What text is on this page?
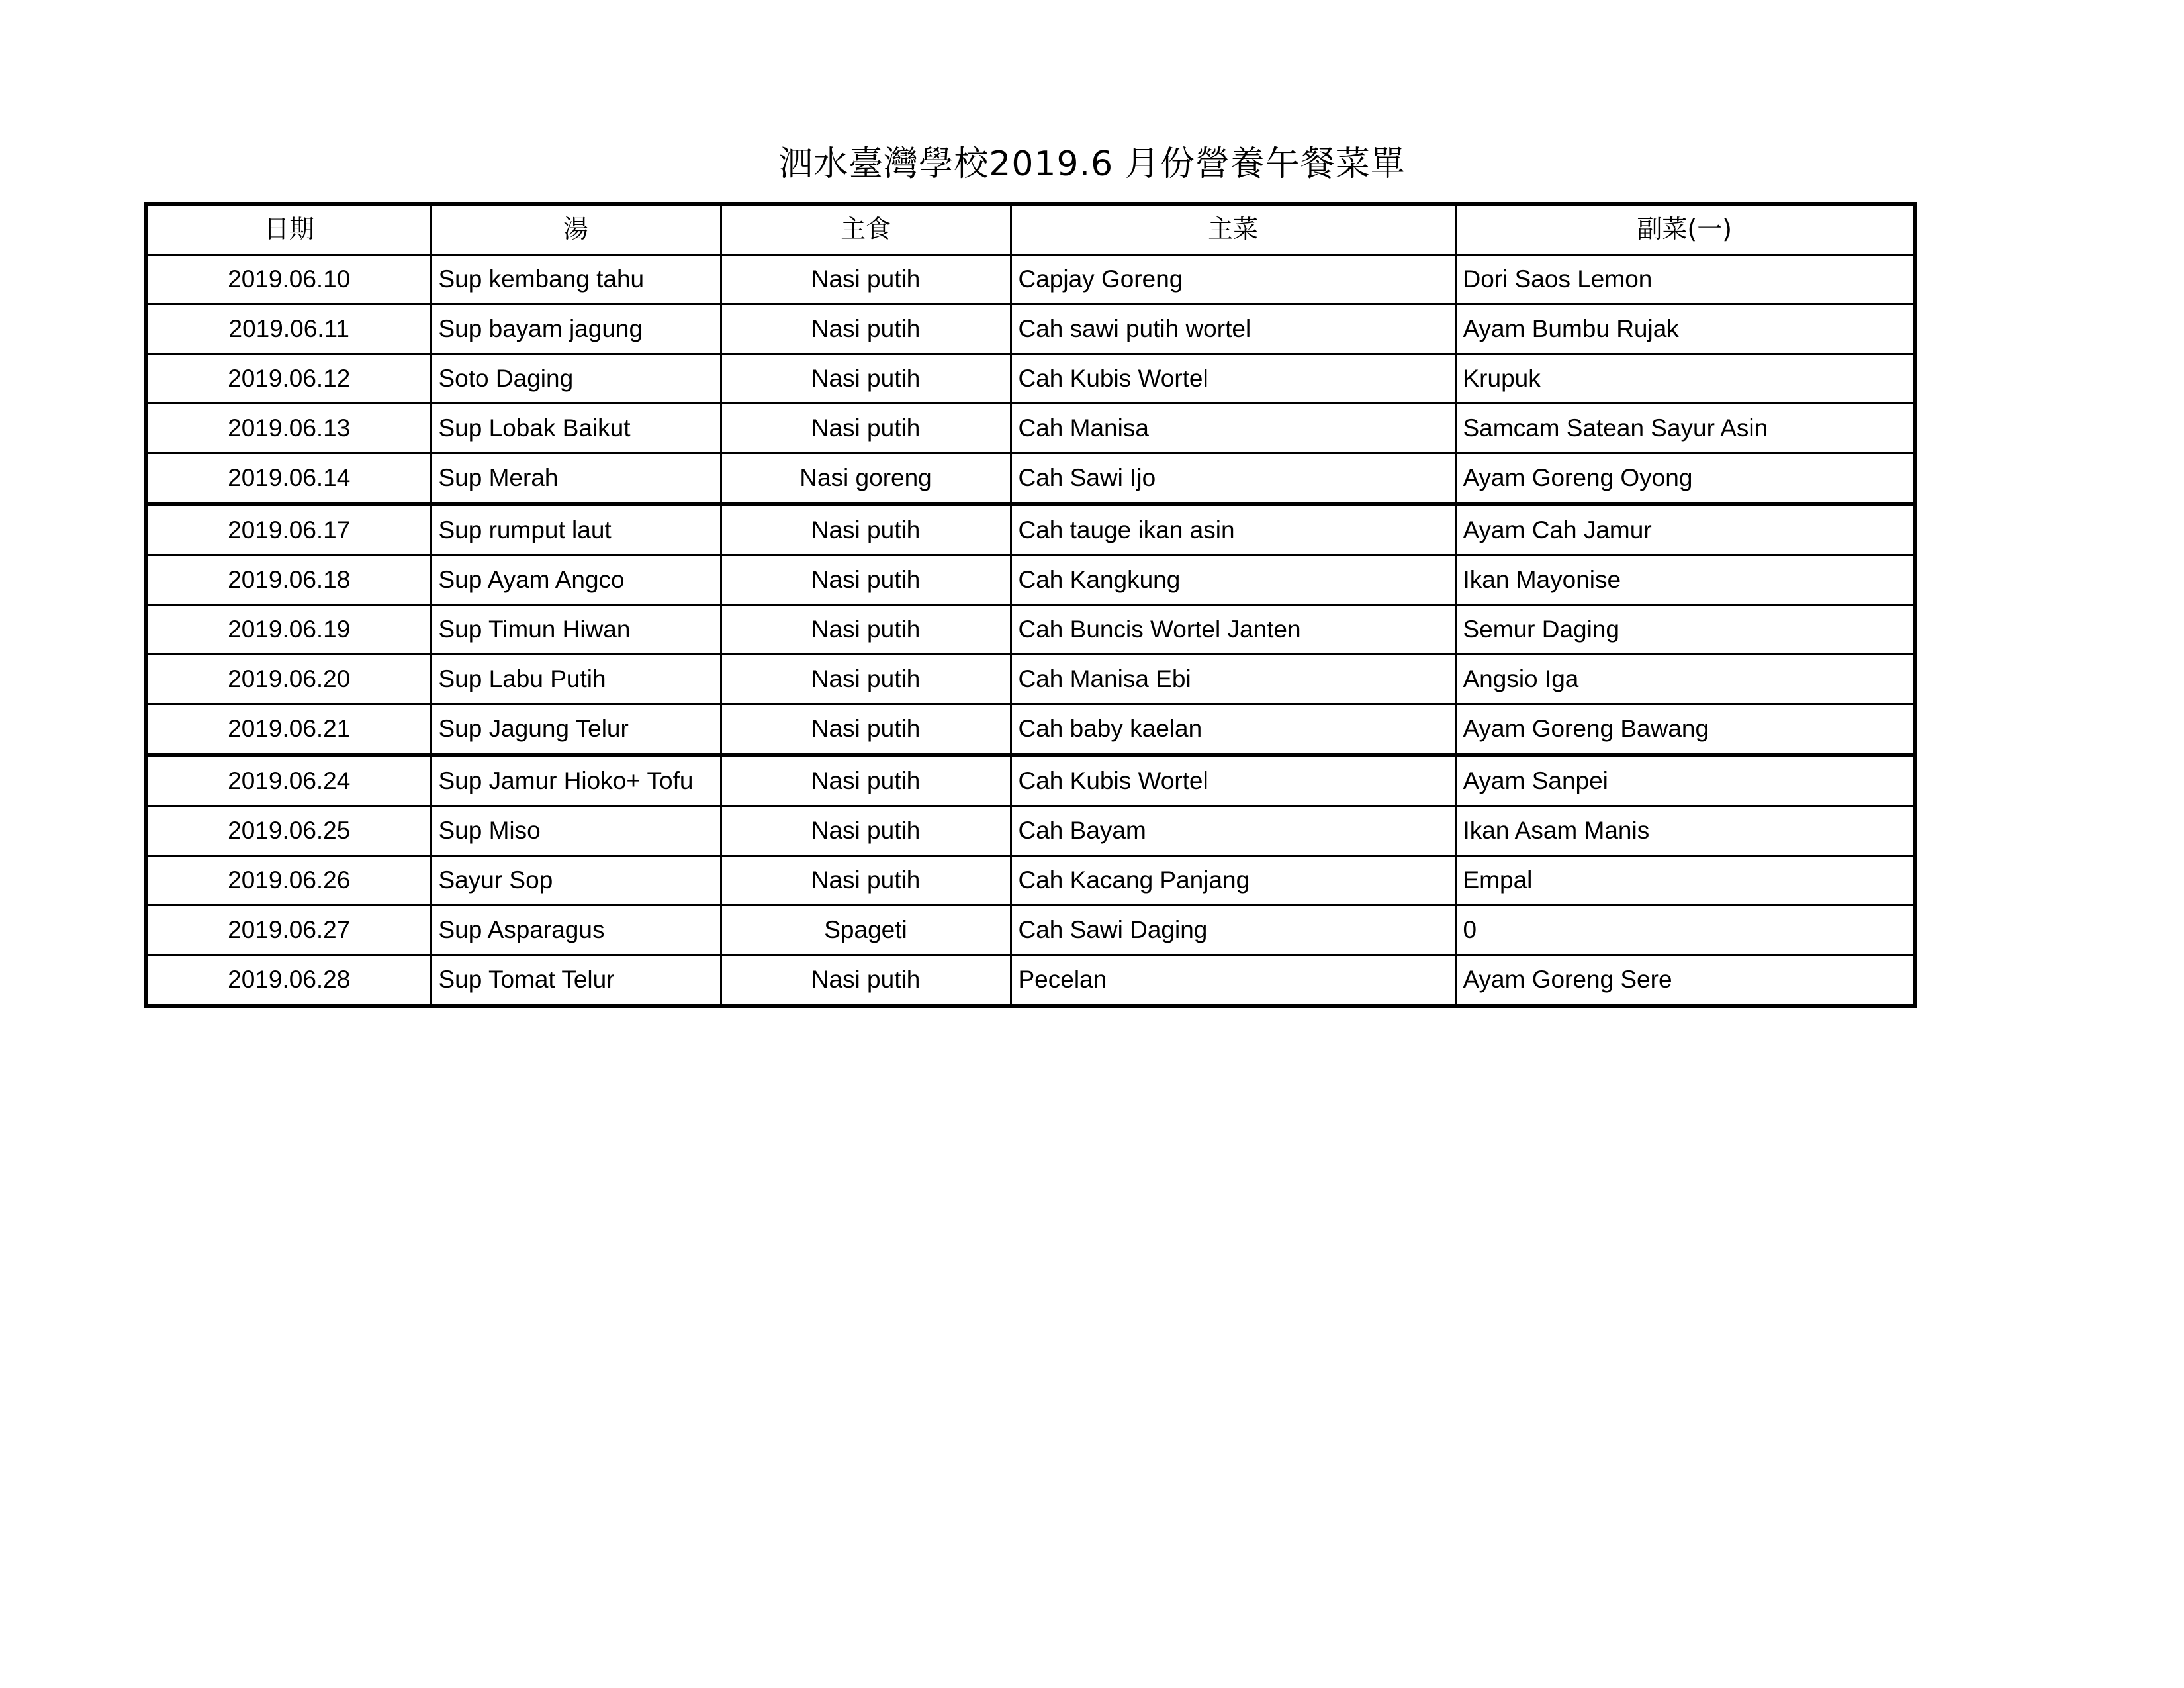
泗水臺灣學校2019.6 月份營養午餐菜單
日期	湯	主食	主菜	副菜(一)
2019.06.10	Sup kembang tahu	Nasi putih	Capjay Goreng	Dori Saos Lemon
2019.06.11	Sup bayam jagung	Nasi putih	Cah sawi putih wortel	Ayam Bumbu Rujak
2019.06.12	Soto Daging	Nasi putih	Cah Kubis Wortel	Krupuk
2019.06.13	Sup Lobak Baikut	Nasi putih	Cah Manisa	Samcam Satean Sayur Asin
2019.06.14	Sup Merah	Nasi goreng	Cah Sawi Ijo	Ayam Goreng Oyong
2019.06.17	Sup rumput laut	Nasi putih	Cah tauge ikan asin	Ayam Cah Jamur
2019.06.18	Sup Ayam Angco	Nasi putih	Cah Kangkung	Ikan Mayonise
2019.06.19	Sup Timun Hiwan	Nasi putih	Cah Buncis Wortel Janten	Semur Daging
2019.06.20	Sup Labu Putih	Nasi putih	Cah Manisa Ebi	Angsio Iga
2019.06.21	Sup Jagung Telur	Nasi putih	Cah baby kaelan	Ayam Goreng Bawang
2019.06.24	Sup Jamur Hioko+ Tofu	Nasi putih	Cah Kubis Wortel	Ayam Sanpei
2019.06.25	Sup Miso	Nasi putih	Cah Bayam	Ikan Asam Manis
2019.06.26	Sayur Sop	Nasi putih	Cah Kacang Panjang	Empal
2019.06.27	Sup Asparagus	Spageti	Cah Sawi Daging	0
2019.06.28	Sup Tomat Telur	Nasi putih	Pecelan	Ayam Goreng Sere
